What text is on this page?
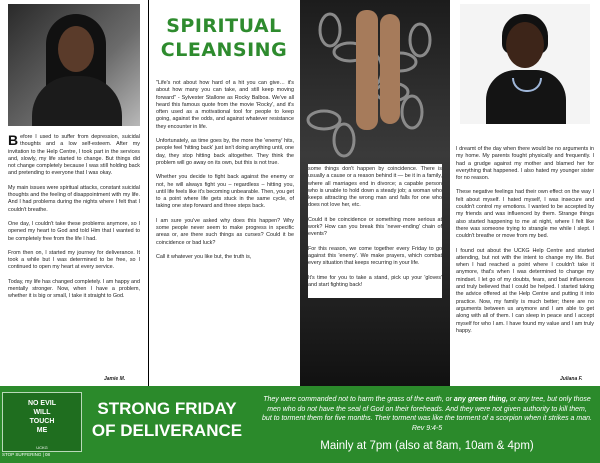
Before I used to suffer from depression, suicidal thoughts and a low self-esteem. After my invitation to the Help Centre, I took part in the services and, slowly, my life started to change. But things did not change completely because I was still holding back and pretending to everyone that I was okay.

My main issues were spiritual attacks, constant suicidal thoughts and the feeling of disappointment with my life. And I had problems during the nights where I felt that I couldn't breathe.

One day, I couldn't take these problems anymore, so I opened my heart to God and told Him that I wanted to be completely free from the life I had.

From then on, I started my journey for deliverance. It took a while but I was determined to be free, so I continued to open my heart at every service.

Today, my life has changed completely. I am happy and mentally stronger. Now, when I have a problem, whether it is big or small, I take it straight to God.

Jamie M.
SPIRITUAL
CLEANSING

"Life's not about how hard of a hit you can give… it's about how many you can take, and still keep moving forward" - Sylvester Stallone as Rocky Balboa. We've all heard this famous quote from the movie 'Rocky', and it's often used as a motivational tool for people to keep going, against the odds, and against whatever resistance they encounter in life.

Unfortunately, as time goes by, the more the 'enemy' hits, people feel 'hitting back' just isn't doing anything until, one day, they stop hitting back altogether. They think the problem will go away on its own, but this is not true.

Whether you decide to fight back against the enemy or not, he will always fight you – regardless – hitting you, until life feels like it's becoming unbearable. Then, you get to a point where life gets stuck in the same cycle, of taking one step forward and three steps back.

I am sure you've asked why does this happen? Why some people never seem to make progress in specific areas or, are there such things as curses? Could it be coincidence or bad luck?

Call it whatever you like but, the truth is,

some things don't happen by coincidence. There is usually a cause or a reason behind it — be it in a family, where all marriages end in divorce; a capable person who is unable to hold down a steady job; a woman who keeps attracting the wrong man and falls for one who does not love her, etc.

Could it be coincidence or something more serious at work? How can you break this 'never-ending' chain of events?

For this reason, we come together every Friday to go against this 'enemy'. We make prayers, which combat every situation that keeps recurring in your life.

It's time for you to take a stand, pick up your 'gloves' and start fighting back!

I dreamt of the day when there would be no arguments in my home. My parents fought physically and frequently. I had a grudge against my mother and blamed her for everything that happened. I also hated my younger sister for no reason.

These negative feelings had their own effect on the way I felt about myself. I hated myself, I was insecure and couldn't control my emotions. I wanted to be accepted by my friends and was influenced by them. Strange things also started happening to me at night, where I felt like there was someone trying to strangle me while I slept. I couldn't breathe or move from my bed.

I found out about the UCKG Help Centre and started attending, but not with the intent to change my life. But when I had reached a point where I couldn't take it anymore, that's when I was determined to change my mindset. I let go of my doubts, fears, and bad influences and truly believed that I could be helped. I started taking the advice offered at the Help Centre and putting it into practice. Now, my family is much better; there are no arguments between us anymore and I am able to get along with all of them. I can sleep in peace and I accept myself for who I am. I have found my value and I am truly happy.

Juliana F.
NO EVIL
WILL
TOUCH
ME
UCKG
STOP SUFFERING | 08
STRONG FRIDAY
OF DELIVERANCE
They were commanded not to harm the grass of the earth, or any green thing, or any tree, but only those men who do not have the seal of God on their foreheads. And they were not given authority to kill them, but to torment them for five months. Their torment was like the torment of a scorpion when it strikes a man. Rev 9:4-5
Mainly at 7pm (also at 8am, 10am & 4pm)
